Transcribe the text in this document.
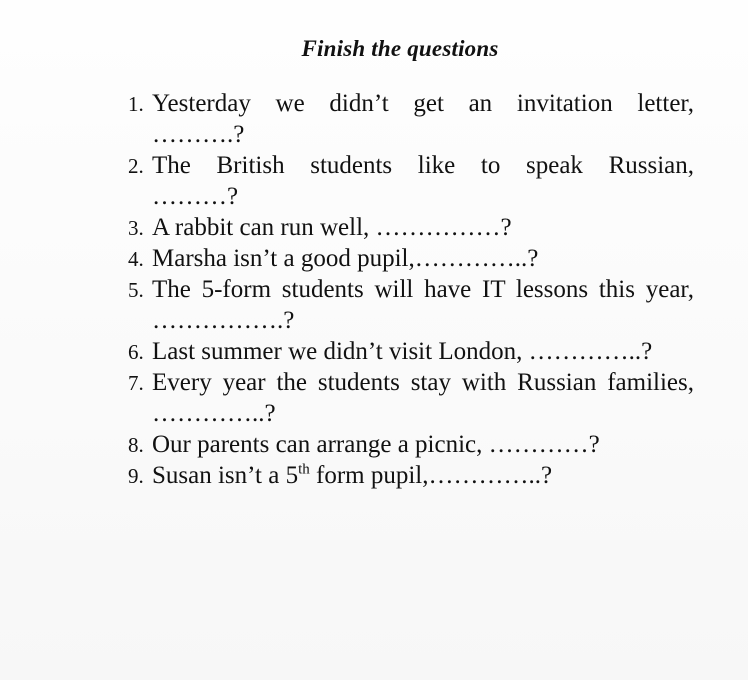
Finish the questions
1. Yesterday we didn’t get an invitation letter,
……….?
2. The British students like to speak Russian,
………?
3. A rabbit can run well, ……………?
4. Marsha isn’t a good pupil,…………..?
5. The 5-form students will have IT lessons this year,
…………….?
6. Last summer we didn’t visit London, …………..?
7. Every year the students stay with Russian families,
…………..?
8. Our parents can arrange a picnic, …………?
9. Susan isn’t a 5th form pupil,…………..?
